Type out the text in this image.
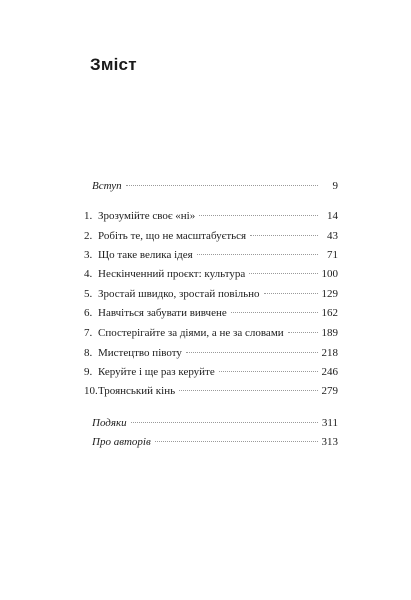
Зміст
Вступ	9
1. Зрозумійте своє «ні»	14
2. Робіть те, що не масштабується	43
3. Що таке велика ідея	71
4. Нескінченний проєкт: культура	100
5. Зростай швидко, зростай повільно	129
6. Навчіться забувати вивчене	162
7. Спостерігайте за діями, а не за словами	189
8. Мистецтво півоту	218
9. Керуйте і ще раз керуйте	246
10. Троянський кінь	279
Подяки	311
Про авторів	313
